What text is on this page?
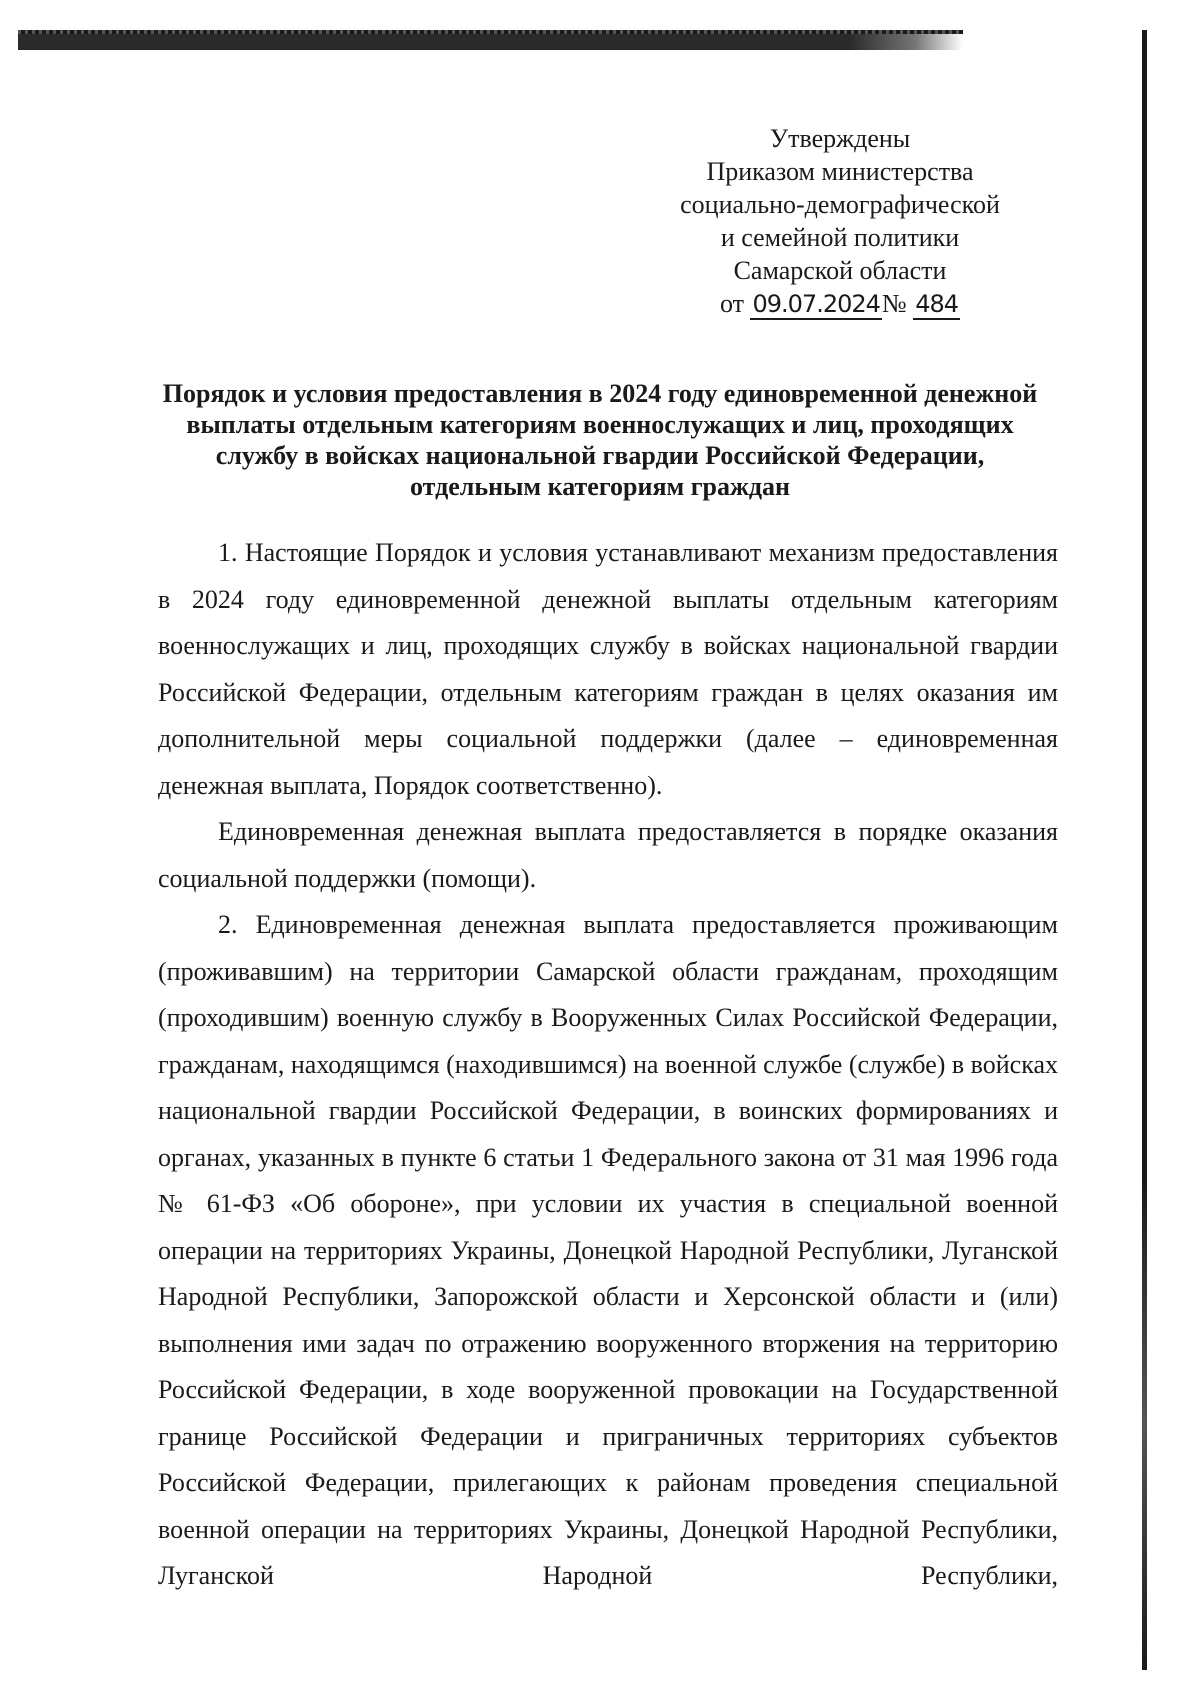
Утверждены
Приказом министерства
социально-демографической
и семейной политики
Самарской области
от 09.07.2024№ 484
Порядок и условия предоставления в 2024 году единовременной денежной
выплаты отдельным категориям военнослужащих и лиц, проходящих
службу в войсках национальной гвардии Российской Федерации,
отдельным категориям граждан

1. Настоящие Порядок и условия устанавливают механизм предоставления в 2024 году единовременной денежной выплаты отдельным категориям военнослужащих и лиц, проходящих службу в войсках национальной гвардии Российской Федерации, отдельным категориям граждан в целях оказания им дополнительной меры социальной поддержки (далее – единовременная денежная выплата, Порядок соответственно).

Единовременная денежная выплата предоставляется в порядке оказания социальной поддержки (помощи).

2. Единовременная денежная выплата предоставляется проживающим (проживавшим) на территории Самарской области гражданам, проходящим (проходившим) военную службу в Вооруженных Силах Российской Федерации, гражданам, находящимся (находившимся) на военной службе (службе) в войсках национальной гвардии Российской Федерации, в воинских формированиях и органах, указанных в пункте 6 статьи 1 Федерального закона от 31 мая 1996 года № 61-ФЗ «Об обороне», при условии их участия в специальной военной операции на территориях Украины, Донецкой Народной Республики, Луганской Народной Республики, Запорожской области и Херсонской области и (или) выполнения ими задач по отражению вооруженного вторжения на территорию Российской Федерации, в ходе вооруженной провокации на Государственной границе Российской Федерации и приграничных территориях субъектов Российской Федерации, прилегающих к районам проведения специальной военной операции на территориях Украины, Донецкой Народной Республики, Луганской Народной Республики,
